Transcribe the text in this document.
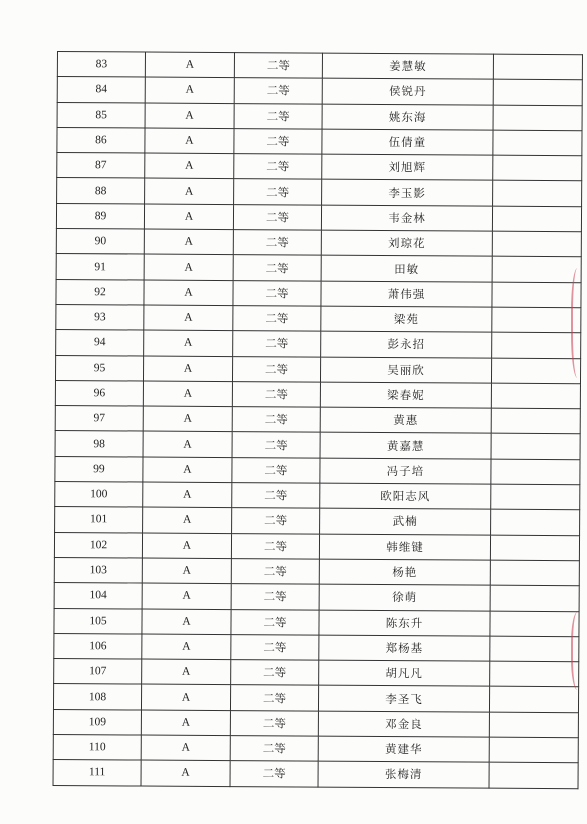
83	A	二等	姜慧敏	
84	A	二等	侯锐丹	
85	A	二等	姚东海	
86	A	二等	伍倩童	
87	A	二等	刘旭辉	
88	A	二等	李玉影	
89	A	二等	韦金林	
90	A	二等	刘琼花	
91	A	二等	田敏	
92	A	二等	萧伟强	
93	A	二等	梁苑	
94	A	二等	彭永招	
95	A	二等	吴丽欣	
96	A	二等	梁春妮	
97	A	二等	黄惠	
98	A	二等	黄嘉慧	
99	A	二等	冯子培	
100	A	二等	欧阳志风	
101	A	二等	武楠	
102	A	二等	韩维键	
103	A	二等	杨艳	
104	A	二等	徐萌	
105	A	二等	陈东升	
106	A	二等	郑杨基	
107	A	二等	胡凡凡	
108	A	二等	李圣飞	
109	A	二等	邓金良	
110	A	二等	黄建华	
111	A	二等	张梅清	
